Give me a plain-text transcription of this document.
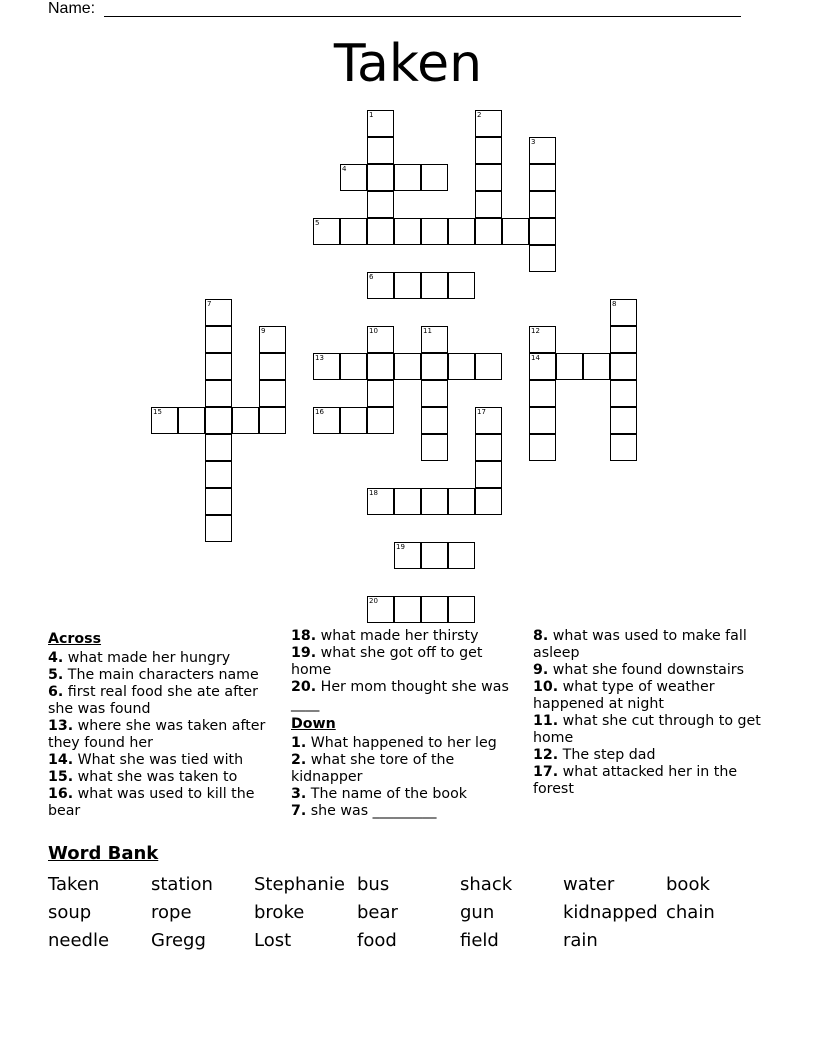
Name:
Taken
1	2
3
4
5
6
7	8
9	10	11	12
13	14
15	16	17
18
19
20
Across
4. what made her hungry
5. The main characters name
6. first real food she ate after she was found
13. where she was taken after they found her
14. What she was tied with
15. what she was taken to
16. what was used to kill the bear
18. what made her thirsty
19. what she got off to get home
20. Her mom thought she was ____
Down
1. What happened to her leg
2. what she tore of the kidnapper
3. The name of the book
7. she was _________
8. what was used to make fall asleep
9. what she found downstairs
10. what type of weather happened at night
11. what she cut through to get home
12. The step dad
17. what attacked her in the forest
Word Bank
Taken	station Stephanie bus	shack	water	book
soup	rope	broke	bear	gun	kidnapped chain
needle Gregg	Lost	food	field	rain
